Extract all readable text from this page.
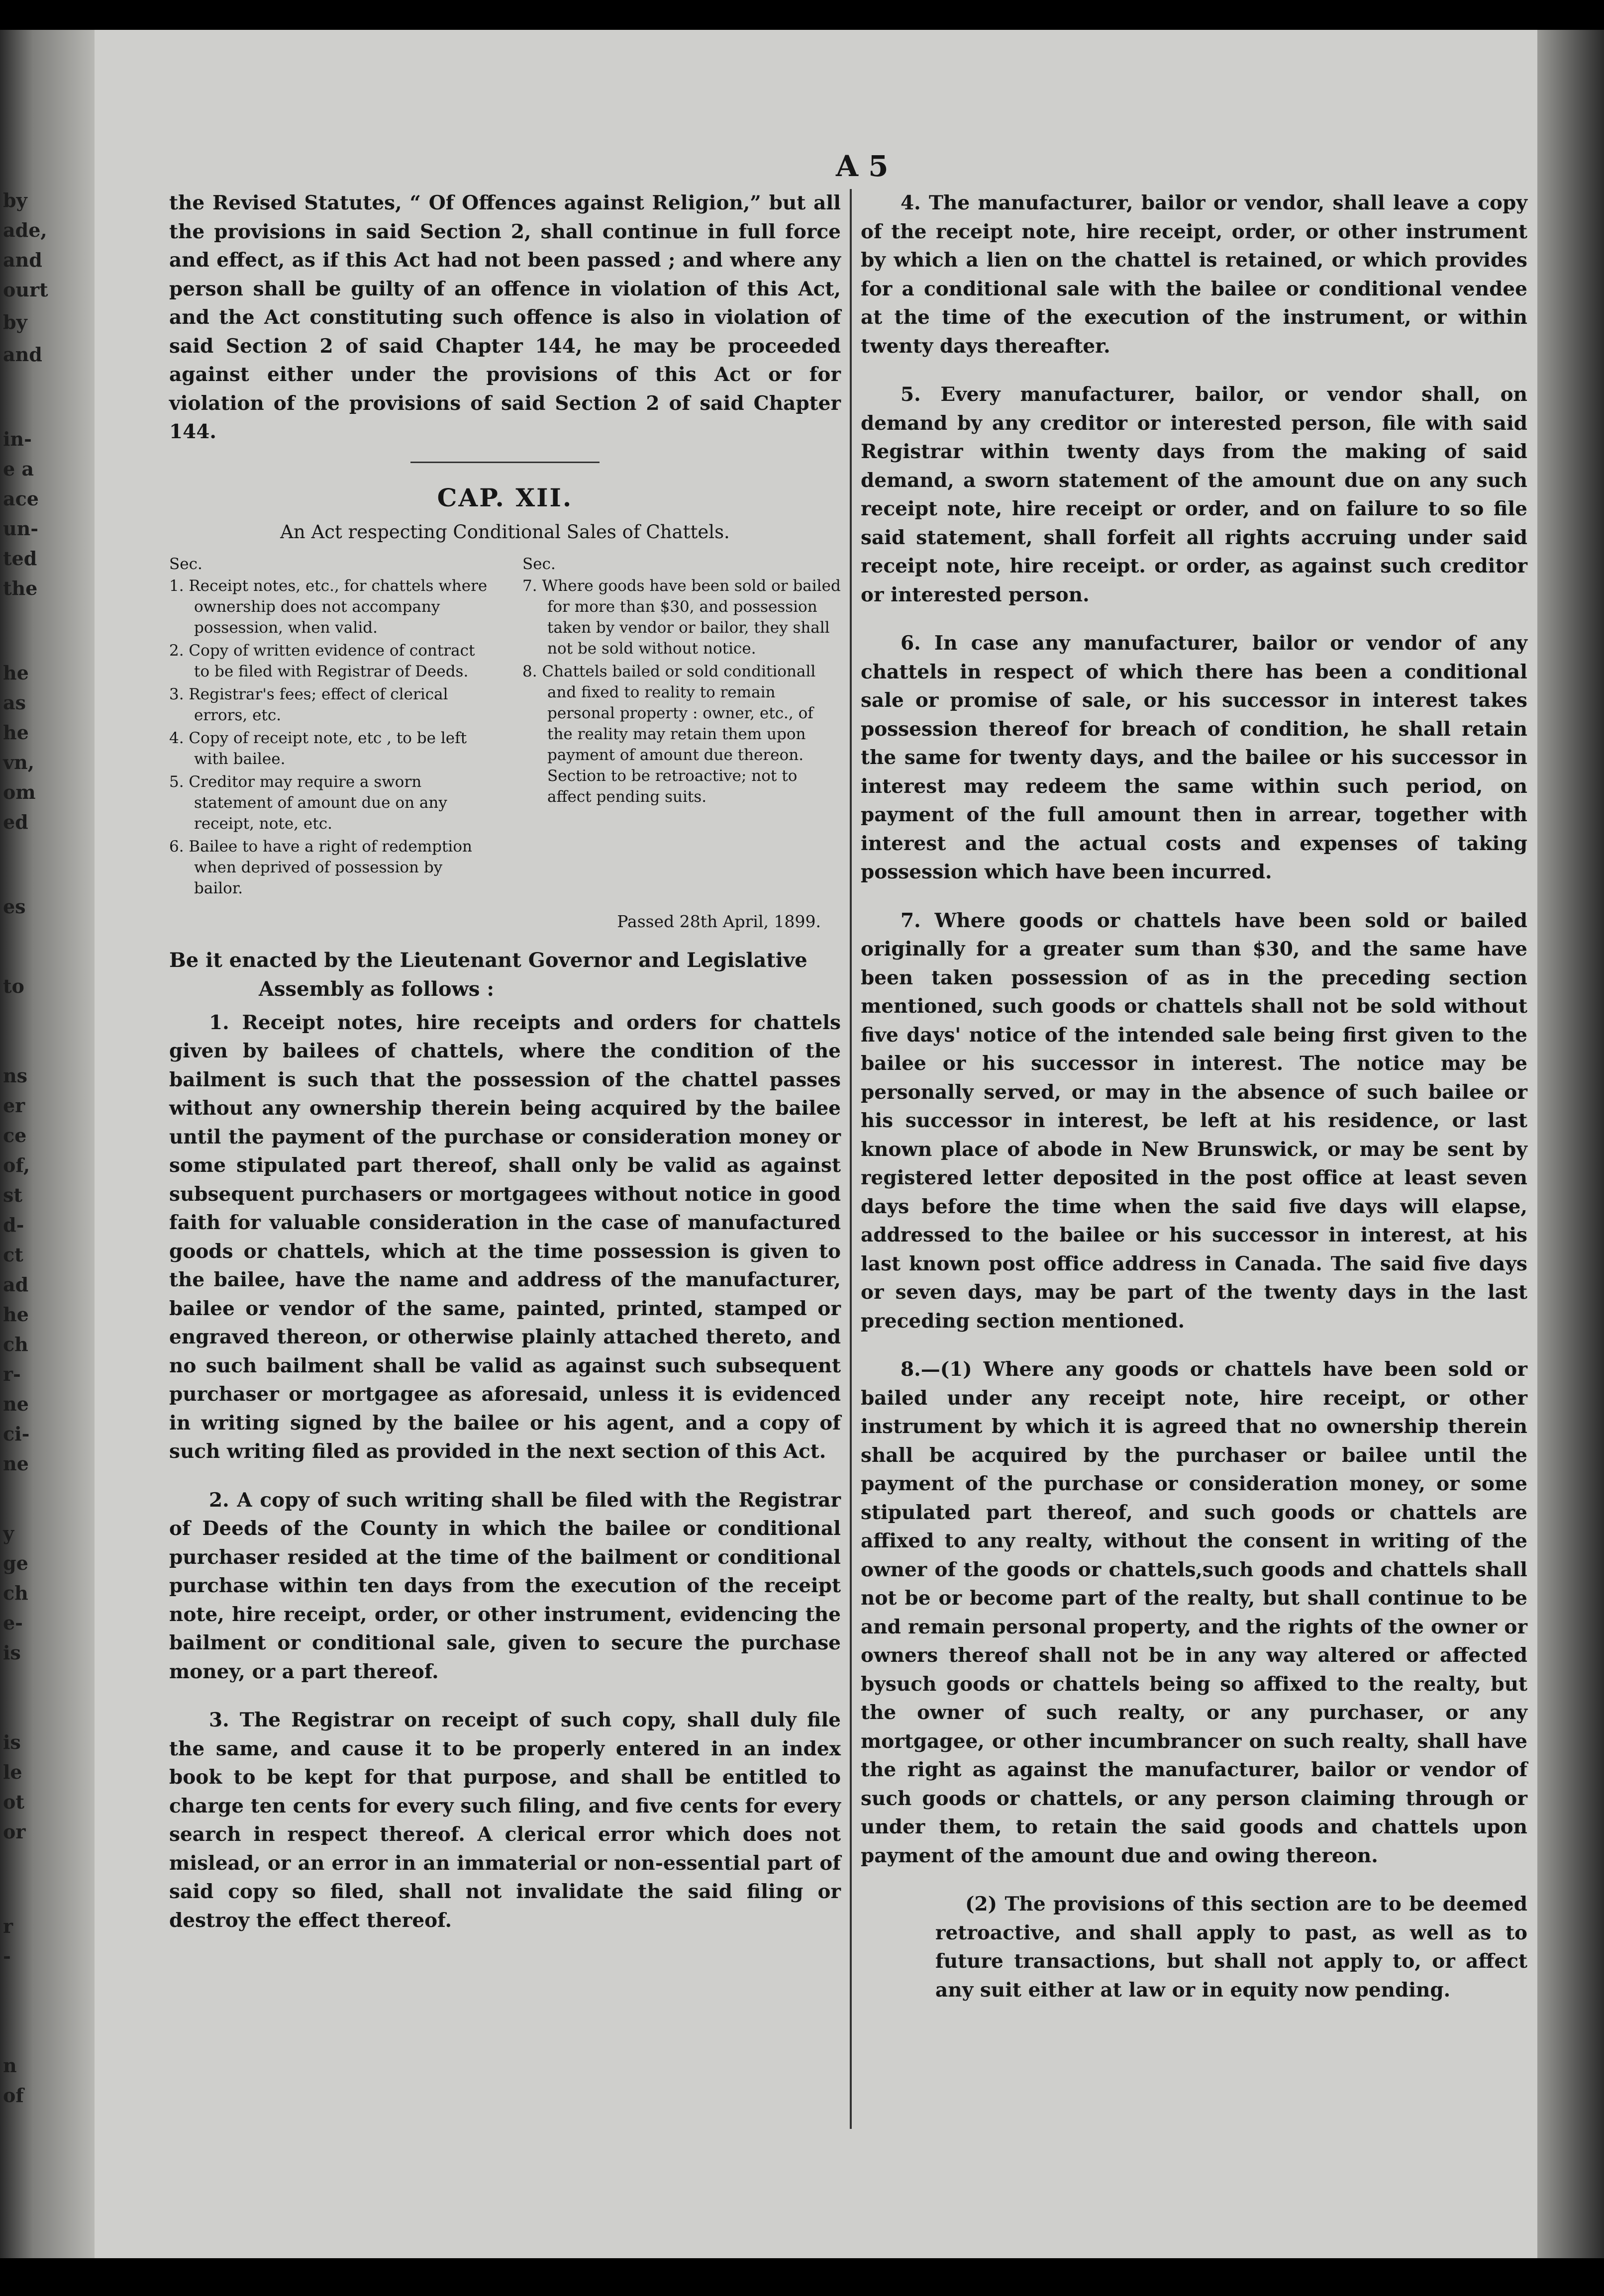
by
ade,
and
ourt
by
and
in-
e a
ace
un-
ted
the
he
as
he
vn,
om
ed
es
to
ns
er
ce
of,
st
d-
ct
ad
he
ch
r-
ne
ci-
ne
y
ge
ch
e-
is
is
le
ot
or
r
-
n
of
A 5

the Revised Statutes, “ Of Offences against Religion,” but all the provisions in said Section 2, shall continue in full force and effect, as if this Act had not been passed ; and where any person shall be guilty of an offence in violation of this Act, and the Act constituting such offence is also in violation of said Section 2 of said Chapter 144, he may be proceeded against either under the provisions of this Act or for violation of the provisions of said Section 2 of said Chapter 144.

CAP. XII.
An Act respecting Conditional Sales of Chattels.
Sec.
1. Receipt notes, etc., for chattels where ownership does not accompany possession, when valid.
2. Copy of written evidence of contract to be filed with Registrar of Deeds.
3. Registrar's fees; effect of clerical errors, etc.
4. Copy of receipt note, etc , to be left with bailee.
5. Creditor may require a sworn statement of amount due on any receipt, note, etc.
6. Bailee to have a right of redemption when deprived of possession by bailor.
Sec.
7. Where goods have been sold or bailed for more than $30, and possession taken by vendor or bailor, they shall not be sold without notice.
8. Chattels bailed or sold conditionall and fixed to reality to remain personal property : owner, etc., of the reality may retain them upon payment of amount due thereon. Section to be retroactive; not to affect pending suits.
Passed 28th April, 1899.

Be it enacted by the Lieutenant Governor and Legislative Assembly as follows :

1. Receipt notes, hire receipts and orders for chattels given by bailees of chattels, where the condition of the bailment is such that the possession of the chattel passes without any ownership therein being acquired by the bailee until the payment of the purchase or consideration money or some stipulated part thereof, shall only be valid as against subsequent purchasers or mortgagees without notice in good faith for valuable consideration in the case of manufactured goods or chattels, which at the time possession is given to the bailee, have the name and address of the manufacturer, bailee or vendor of the same, painted, printed, stamped or engraved thereon, or otherwise plainly attached thereto, and no such bailment shall be valid as against such subsequent purchaser or mortgagee as aforesaid, unless it is evidenced in writing signed by the bailee or his agent, and a copy of such writing filed as provided in the next section of this Act.

2. A copy of such writing shall be filed with the Registrar of Deeds of the County in which the bailee or conditional purchaser resided at the time of the bailment or conditional purchase within ten days from the execution of the receipt note, hire receipt, order, or other instrument, evidencing the bailment or conditional sale, given to secure the purchase money, or a part thereof.

3. The Registrar on receipt of such copy, shall duly file the same, and cause it to be properly entered in an index book to be kept for that purpose, and shall be entitled to charge ten cents for every such filing, and five cents for every search in respect thereof. A clerical error which does not mislead, or an error in an immaterial or non-essential part of said copy so filed, shall not invalidate the said filing or destroy the effect thereof.

4. The manufacturer, bailor or vendor, shall leave a copy of the receipt note, hire receipt, order, or other instrument by which a lien on the chattel is retained, or which provides for a conditional sale with the bailee or conditional vendee at the time of the execution of the instrument, or within twenty days thereafter.

5. Every manufacturer, bailor, or vendor shall, on demand by any creditor or interested person, file with said Registrar within twenty days from the making of said demand, a sworn statement of the amount due on any such receipt note, hire receipt or order, and on failure to so file said statement, shall forfeit all rights accruing under said receipt note, hire receipt. or order, as against such creditor or interested person.

6. In case any manufacturer, bailor or vendor of any chattels in respect of which there has been a conditional sale or promise of sale, or his successor in interest takes possession thereof for breach of condition, he shall retain the same for twenty days, and the bailee or his successor in interest may redeem the same within such period, on payment of the full amount then in arrear, together with interest and the actual costs and expenses of taking possession which have been incurred.

7. Where goods or chattels have been sold or bailed originally for a greater sum than $30, and the same have been taken possession of as in the preceding section mentioned, such goods or chattels shall not be sold without five days' notice of the intended sale being first given to the bailee or his successor in interest. The notice may be personally served, or may in the absence of such bailee or his successor in interest, be left at his residence, or last known place of abode in New Brunswick, or may be sent by registered letter deposited in the post office at least seven days before the time when the said five days will elapse, addressed to the bailee or his successor in interest, at his last known post office address in Canada. The said five days or seven days, may be part of the twenty days in the last preceding section mentioned.

8.—(1) Where any goods or chattels have been sold or bailed under any receipt note, hire receipt, or other instrument by which it is agreed that no ownership therein shall be acquired by the purchaser or bailee until the payment of the purchase or consideration money, or some stipulated part thereof, and such goods or chattels are affixed to any realty, without the consent in writing of the owner of the goods or chattels,such goods and chattels shall not be or become part of the realty, but shall continue to be and remain personal property, and the rights of the owner or owners thereof shall not be in any way altered or affected bysuch goods or chattels being so affixed to the realty, but the owner of such realty, or any purchaser, or any mortgagee, or other incumbrancer on such realty, shall have the right as against the manufacturer, bailor or vendor of such goods or chattels, or any person claiming through or under them, to retain the said goods and chattels upon payment of the amount due and owing thereon.

(2) The provisions of this section are to be deemed retroactive, and shall apply to past, as well as to future transactions, but shall not apply to, or affect any suit either at law or in equity now pending.
